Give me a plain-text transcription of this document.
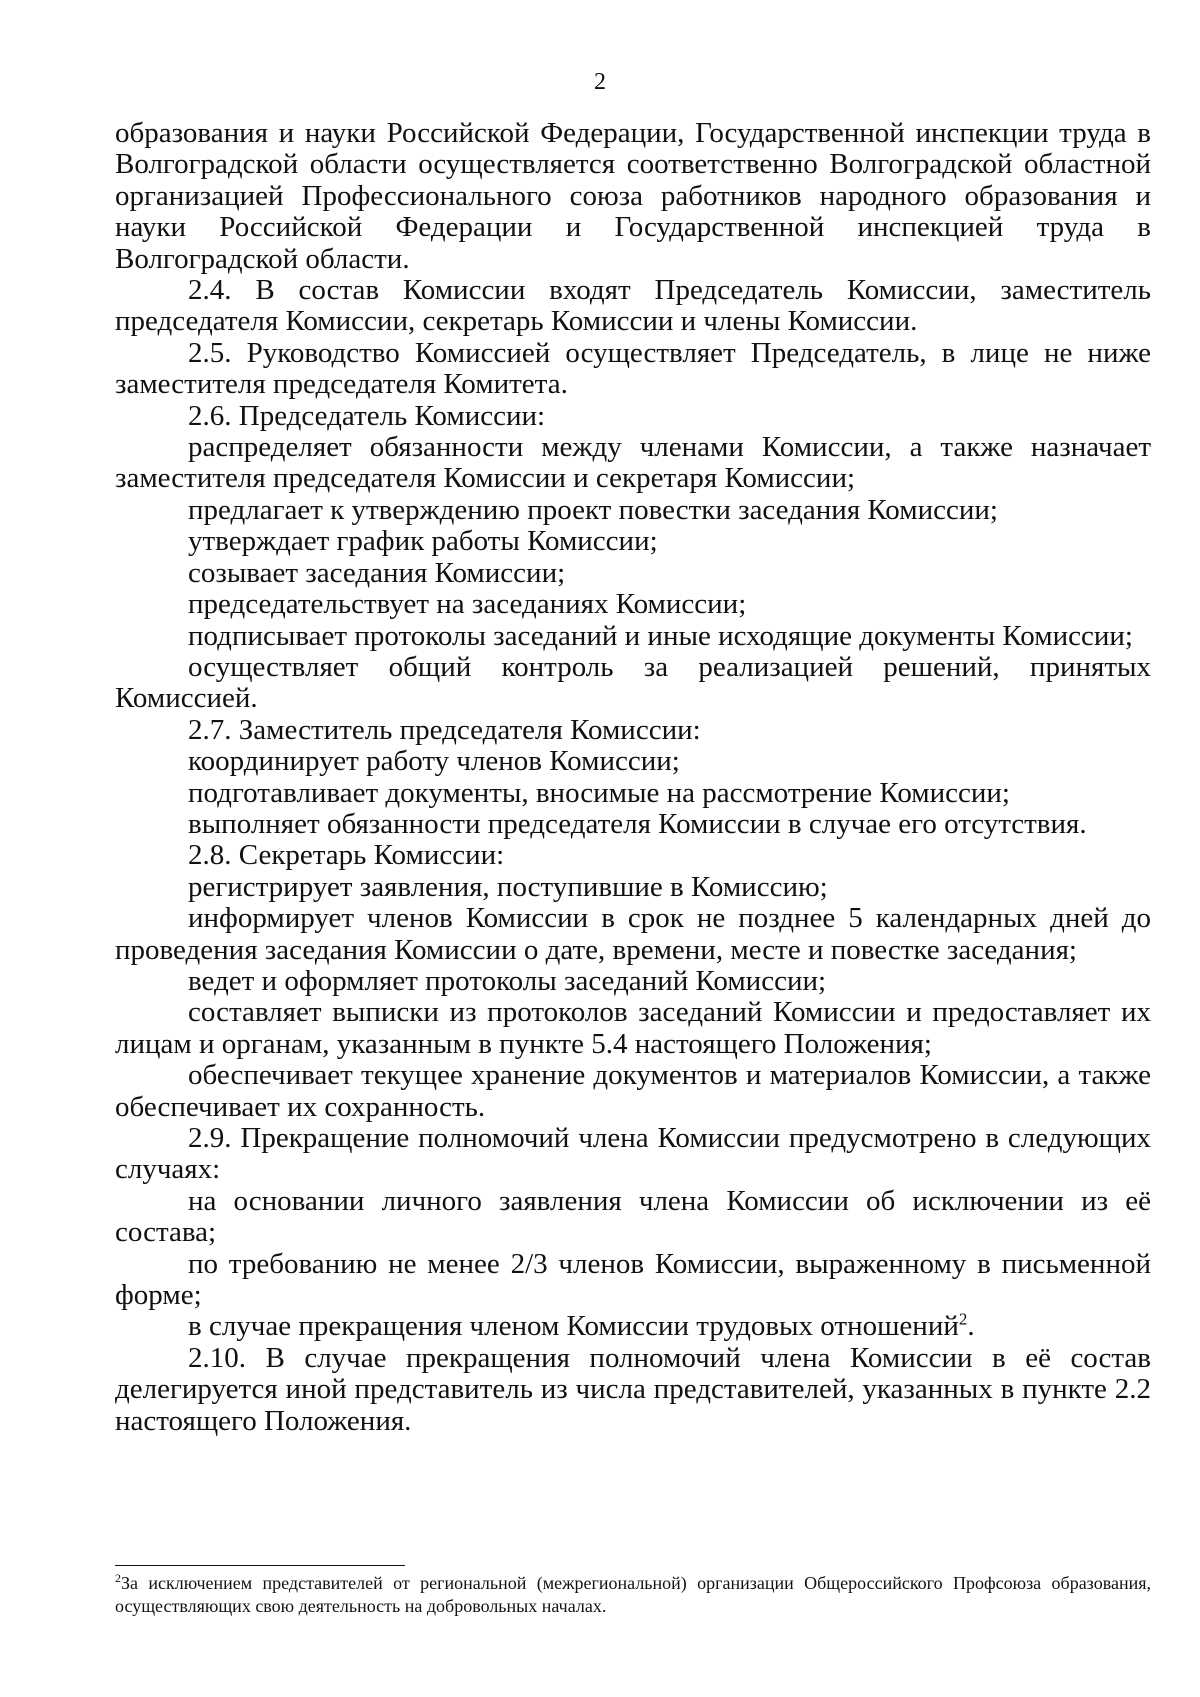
2

образования и науки Российской Федерации, Государственной инспекции труда в Волгоградской области осуществляется соответственно Волгоградской областной организацией Профессионального союза работников народного образования и науки Российской Федерации и Государственной инспекцией труда в Волгоградской области.

2.4. В состав Комиссии входят Председатель Комиссии, заместитель председателя Комиссии, секретарь Комиссии и члены Комиссии.

2.5. Руководство Комиссией осуществляет Председатель, в лице не ниже заместителя председателя Комитета.

2.6. Председатель Комиссии:

распределяет обязанности между членами Комиссии, а также назначает заместителя председателя Комиссии и секретаря Комиссии;

предлагает к утверждению проект повестки заседания Комиссии;

утверждает график работы Комиссии;

созывает заседания Комиссии;

председательствует на заседаниях Комиссии;

подписывает протоколы заседаний и иные исходящие документы Комиссии;

осуществляет общий контроль за реализацией решений, принятых Комиссией.

2.7. Заместитель председателя Комиссии:

координирует работу членов Комиссии;

подготавливает документы, вносимые на рассмотрение Комиссии;

выполняет обязанности председателя Комиссии в случае его отсутствия.

2.8. Секретарь Комиссии:

регистрирует заявления, поступившие в Комиссию;

информирует членов Комиссии в срок не позднее 5 календарных дней до проведения заседания Комиссии о дате, времени, месте и повестке заседания;

ведет и оформляет протоколы заседаний Комиссии;

составляет выписки из протоколов заседаний Комиссии и предоставляет их лицам и органам, указанным в пункте 5.4 настоящего Положения;

обеспечивает текущее хранение документов и материалов Комиссии, а также обеспечивает их сохранность.

2.9. Прекращение полномочий члена Комиссии предусмотрено в следующих случаях:

на основании личного заявления члена Комиссии об исключении из её состава;

по требованию не менее 2/3 членов Комиссии, выраженному в письменной форме;

в случае прекращения членом Комиссии трудовых отношений$^2$.

2.10. В случае прекращения полномочий члена Комиссии в её состав делегируется иной представитель из числа представителей, указанных в пункте 2.2 настоящего Положения.

$^2$За исключением представителей от региональной (межрегиональной) организации Общероссийского Профсоюза образования, осуществляющих свою деятельность на добровольных началах.
